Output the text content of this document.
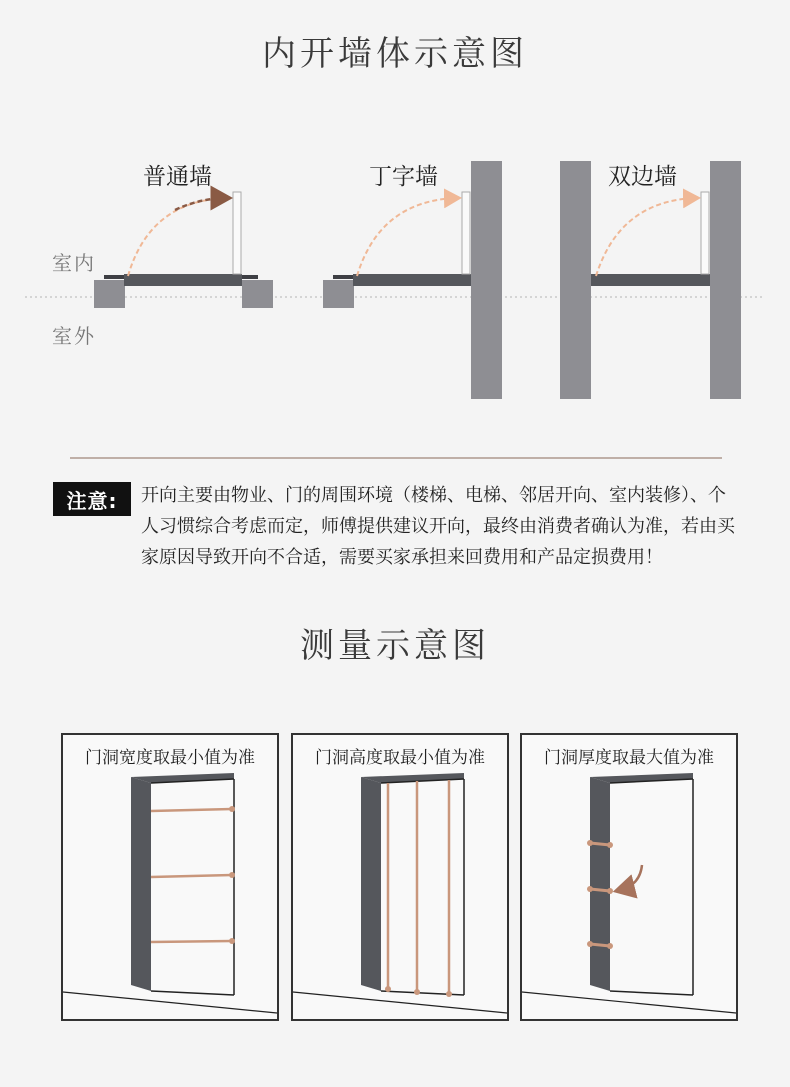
内开墙体示意图
普通墙	丁字墙	双边墙
室内
室外
注意:	开向主要由物业、门的周围环境（楼梯、电梯、邻居开向、室内装修）、个人习惯综合考虑而定，师傅提供建议开向，最终由消费者确认为准，若由买家原因导致开向不合适，需要买家承担来回费用和产品定损费用！
测量示意图
门洞宽度取最小值为准	门洞高度取最小值为准	门洞厚度取最大值为准
